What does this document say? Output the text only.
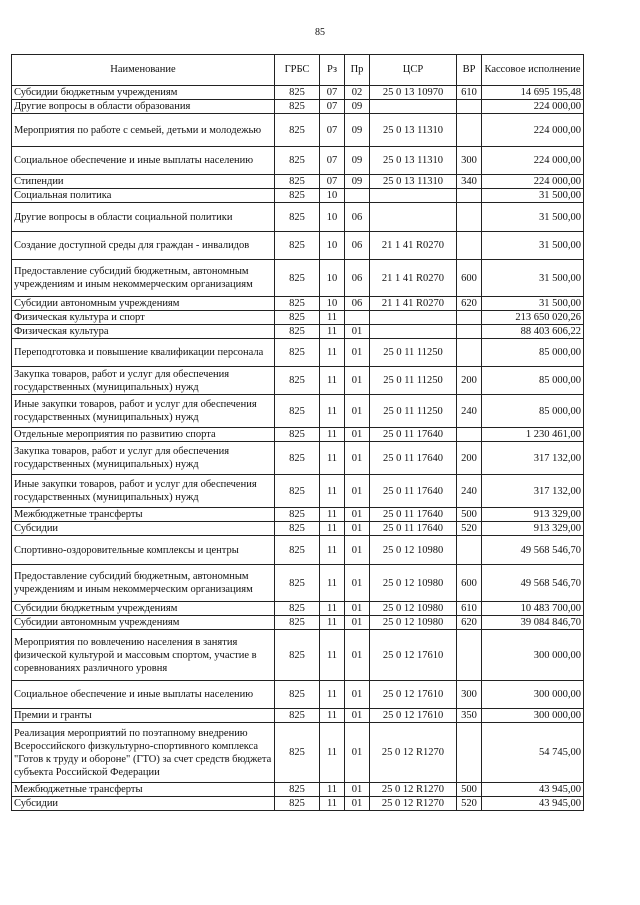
85
Наименование	ГРБС	Рз	Пр	ЦСР	ВР	Кассовое исполнение
Субсидии бюджетным учреждениям	825	07	02	25 0 13 10970	610	14 695 195,48
Другие вопросы в области образования	825	07	09			224 000,00
Мероприятия по работе с семьей, детьми и молодежью	825	07	09	25 0 13 11310		224 000,00
Социальное обеспечение и иные выплаты населению	825	07	09	25 0 13 11310	300	224 000,00
Стипендии	825	07	09	25 0 13 11310	340	224 000,00
Социальная политика	825	10				31 500,00
Другие вопросы в области социальной политики	825	10	06			31 500,00
Создание доступной среды для граждан - инвалидов	825	10	06	21 1 41 R0270		31 500,00
Предоставление субсидий бюджетным, автономным учреждениям и иным некоммерческим организациям	825	10	06	21 1 41 R0270	600	31 500,00
Субсидии автономным учреждениям	825	10	06	21 1 41 R0270	620	31 500,00
Физическая культура и спорт	825	11				213 650 020,26
Физическая культура	825	11	01			88 403 606,22
Переподготовка и повышение квалификации персонала	825	11	01	25 0 11 11250		85 000,00
Закупка товаров, работ и услуг для обеспечения государственных (муниципальных) нужд	825	11	01	25 0 11 11250	200	85 000,00
Иные закупки товаров, работ и услуг для обеспечения государственных (муниципальных) нужд	825	11	01	25 0 11 11250	240	85 000,00
Отдельные мероприятия по развитию спорта	825	11	01	25 0 11 17640		1 230 461,00
Закупка товаров, работ и услуг для обеспечения государственных (муниципальных) нужд	825	11	01	25 0 11 17640	200	317 132,00
Иные закупки товаров, работ и услуг для обеспечения государственных (муниципальных) нужд	825	11	01	25 0 11 17640	240	317 132,00
Межбюджетные трансферты	825	11	01	25 0 11 17640	500	913 329,00
Субсидии	825	11	01	25 0 11 17640	520	913 329,00
Спортивно-оздоровительные комплексы и центры	825	11	01	25 0 12 10980		49 568 546,70
Предоставление субсидий бюджетным, автономным учреждениям и иным некоммерческим организациям	825	11	01	25 0 12 10980	600	49 568 546,70
Субсидии бюджетным учреждениям	825	11	01	25 0 12 10980	610	10 483 700,00
Субсидии автономным учреждениям	825	11	01	25 0 12 10980	620	39 084 846,70
Мероприятия по вовлечению населения в занятия физической культурой и массовым спортом, участие в соревнованиях различного уровня	825	11	01	25 0 12 17610		300 000,00
Социальное обеспечение и иные выплаты населению	825	11	01	25 0 12 17610	300	300 000,00
Премии и гранты	825	11	01	25 0 12 17610	350	300 000,00
Реализация мероприятий по поэтапному внедрению Всероссийского физкультурно-спортивного комплекса "Готов к труду и обороне" (ГТО) за счет средств бюджета субъекта Российской Федерации	825	11	01	25 0 12 R1270		54 745,00
Межбюджетные трансферты	825	11	01	25 0 12 R1270	500	43 945,00
Субсидии	825	11	01	25 0 12 R1270	520	43 945,00
